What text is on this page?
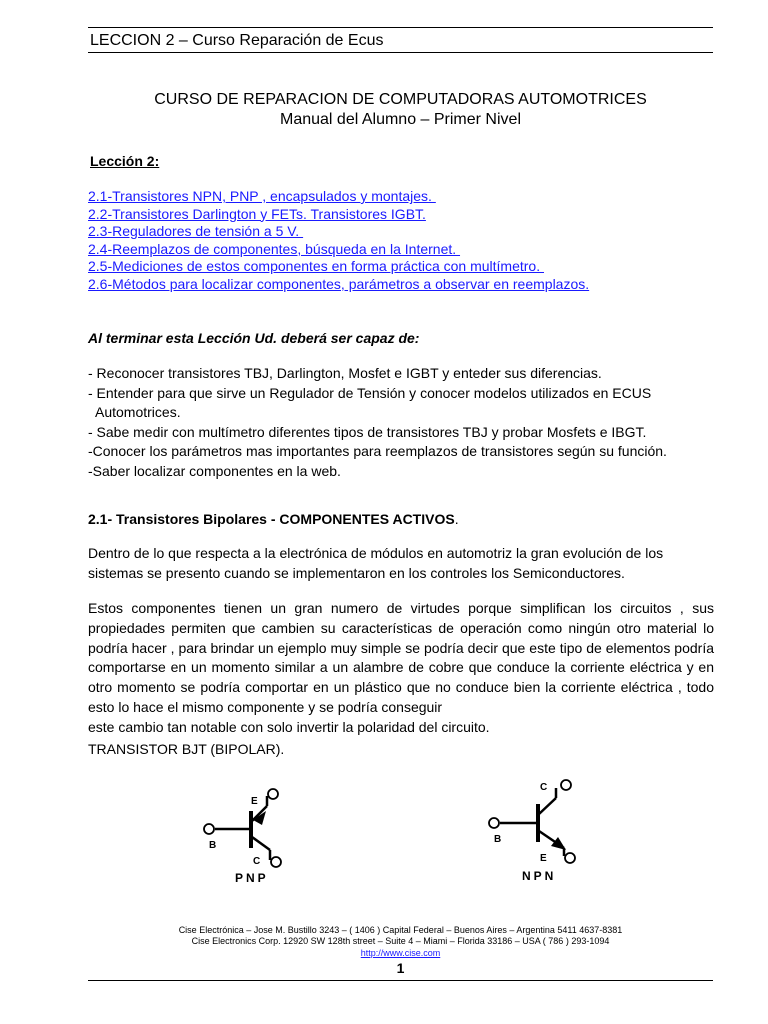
LECCION 2 – Curso Reparación de Ecus
CURSO DE REPARACION DE COMPUTADORAS AUTOMOTRICES
Manual del Alumno – Primer Nivel
Lección 2:
2.1-Transistores NPN, PNP , encapsulados y montajes.
2.2-Transistores Darlington y FETs. Transistores IGBT.
2.3-Reguladores de tensión a 5 V.
2.4-Reemplazos de componentes, búsqueda en la Internet.
2.5-Mediciones de estos componentes en forma práctica con multímetro.
2.6-Métodos para localizar componentes, parámetros a observar en reemplazos.
Al terminar esta Lección Ud. deberá ser capaz de:
- Reconocer transistores TBJ, Darlington, Mosfet e IGBT y enteder sus diferencias.
- Entender para que sirve un Regulador de Tensión y conocer modelos utilizados en ECUS
Automotrices.
- Sabe medir con multímetro diferentes tipos de transistores TBJ y probar Mosfets e IBGT.
-Conocer los parámetros mas importantes para reemplazos de transistores según su función.
-Saber localizar componentes en la web.
2.1- Transistores Bipolares - COMPONENTES ACTIVOS.
Dentro de lo que respecta a la electrónica de módulos en automotriz la gran evolución de los
sistemas se presento cuando se implementaron en los controles los Semiconductores.
Estos componentes tienen un gran numero de virtudes porque simplifican los circuitos , sus propiedades permiten que cambien su características de operación como ningún otro material lo podría hacer , para brindar un ejemplo muy simple se podría decir que este tipo de elementos podría comportarse en un momento similar a un alambre de cobre que conduce la corriente eléctrica y en otro momento se podría comportar en un plástico que no conduce bien la corriente eléctrica , todo esto lo hace el mismo componente y se podría conseguir
este cambio tan notable con solo invertir la polaridad del circuito.
TRANSISTOR BJT (BIPOLAR).
E
B
C
PNP
C
B
E
NPN
Cise Electrónica – Jose M. Bustillo 3243 – ( 1406 ) Capital Federal – Buenos Aires – Argentina 5411 4637-8381
Cise Electronics Corp. 12920 SW 128th street – Suite 4 – Miami – Florida 33186 – USA ( 786 ) 293-1094
http://www.cise.com
1
